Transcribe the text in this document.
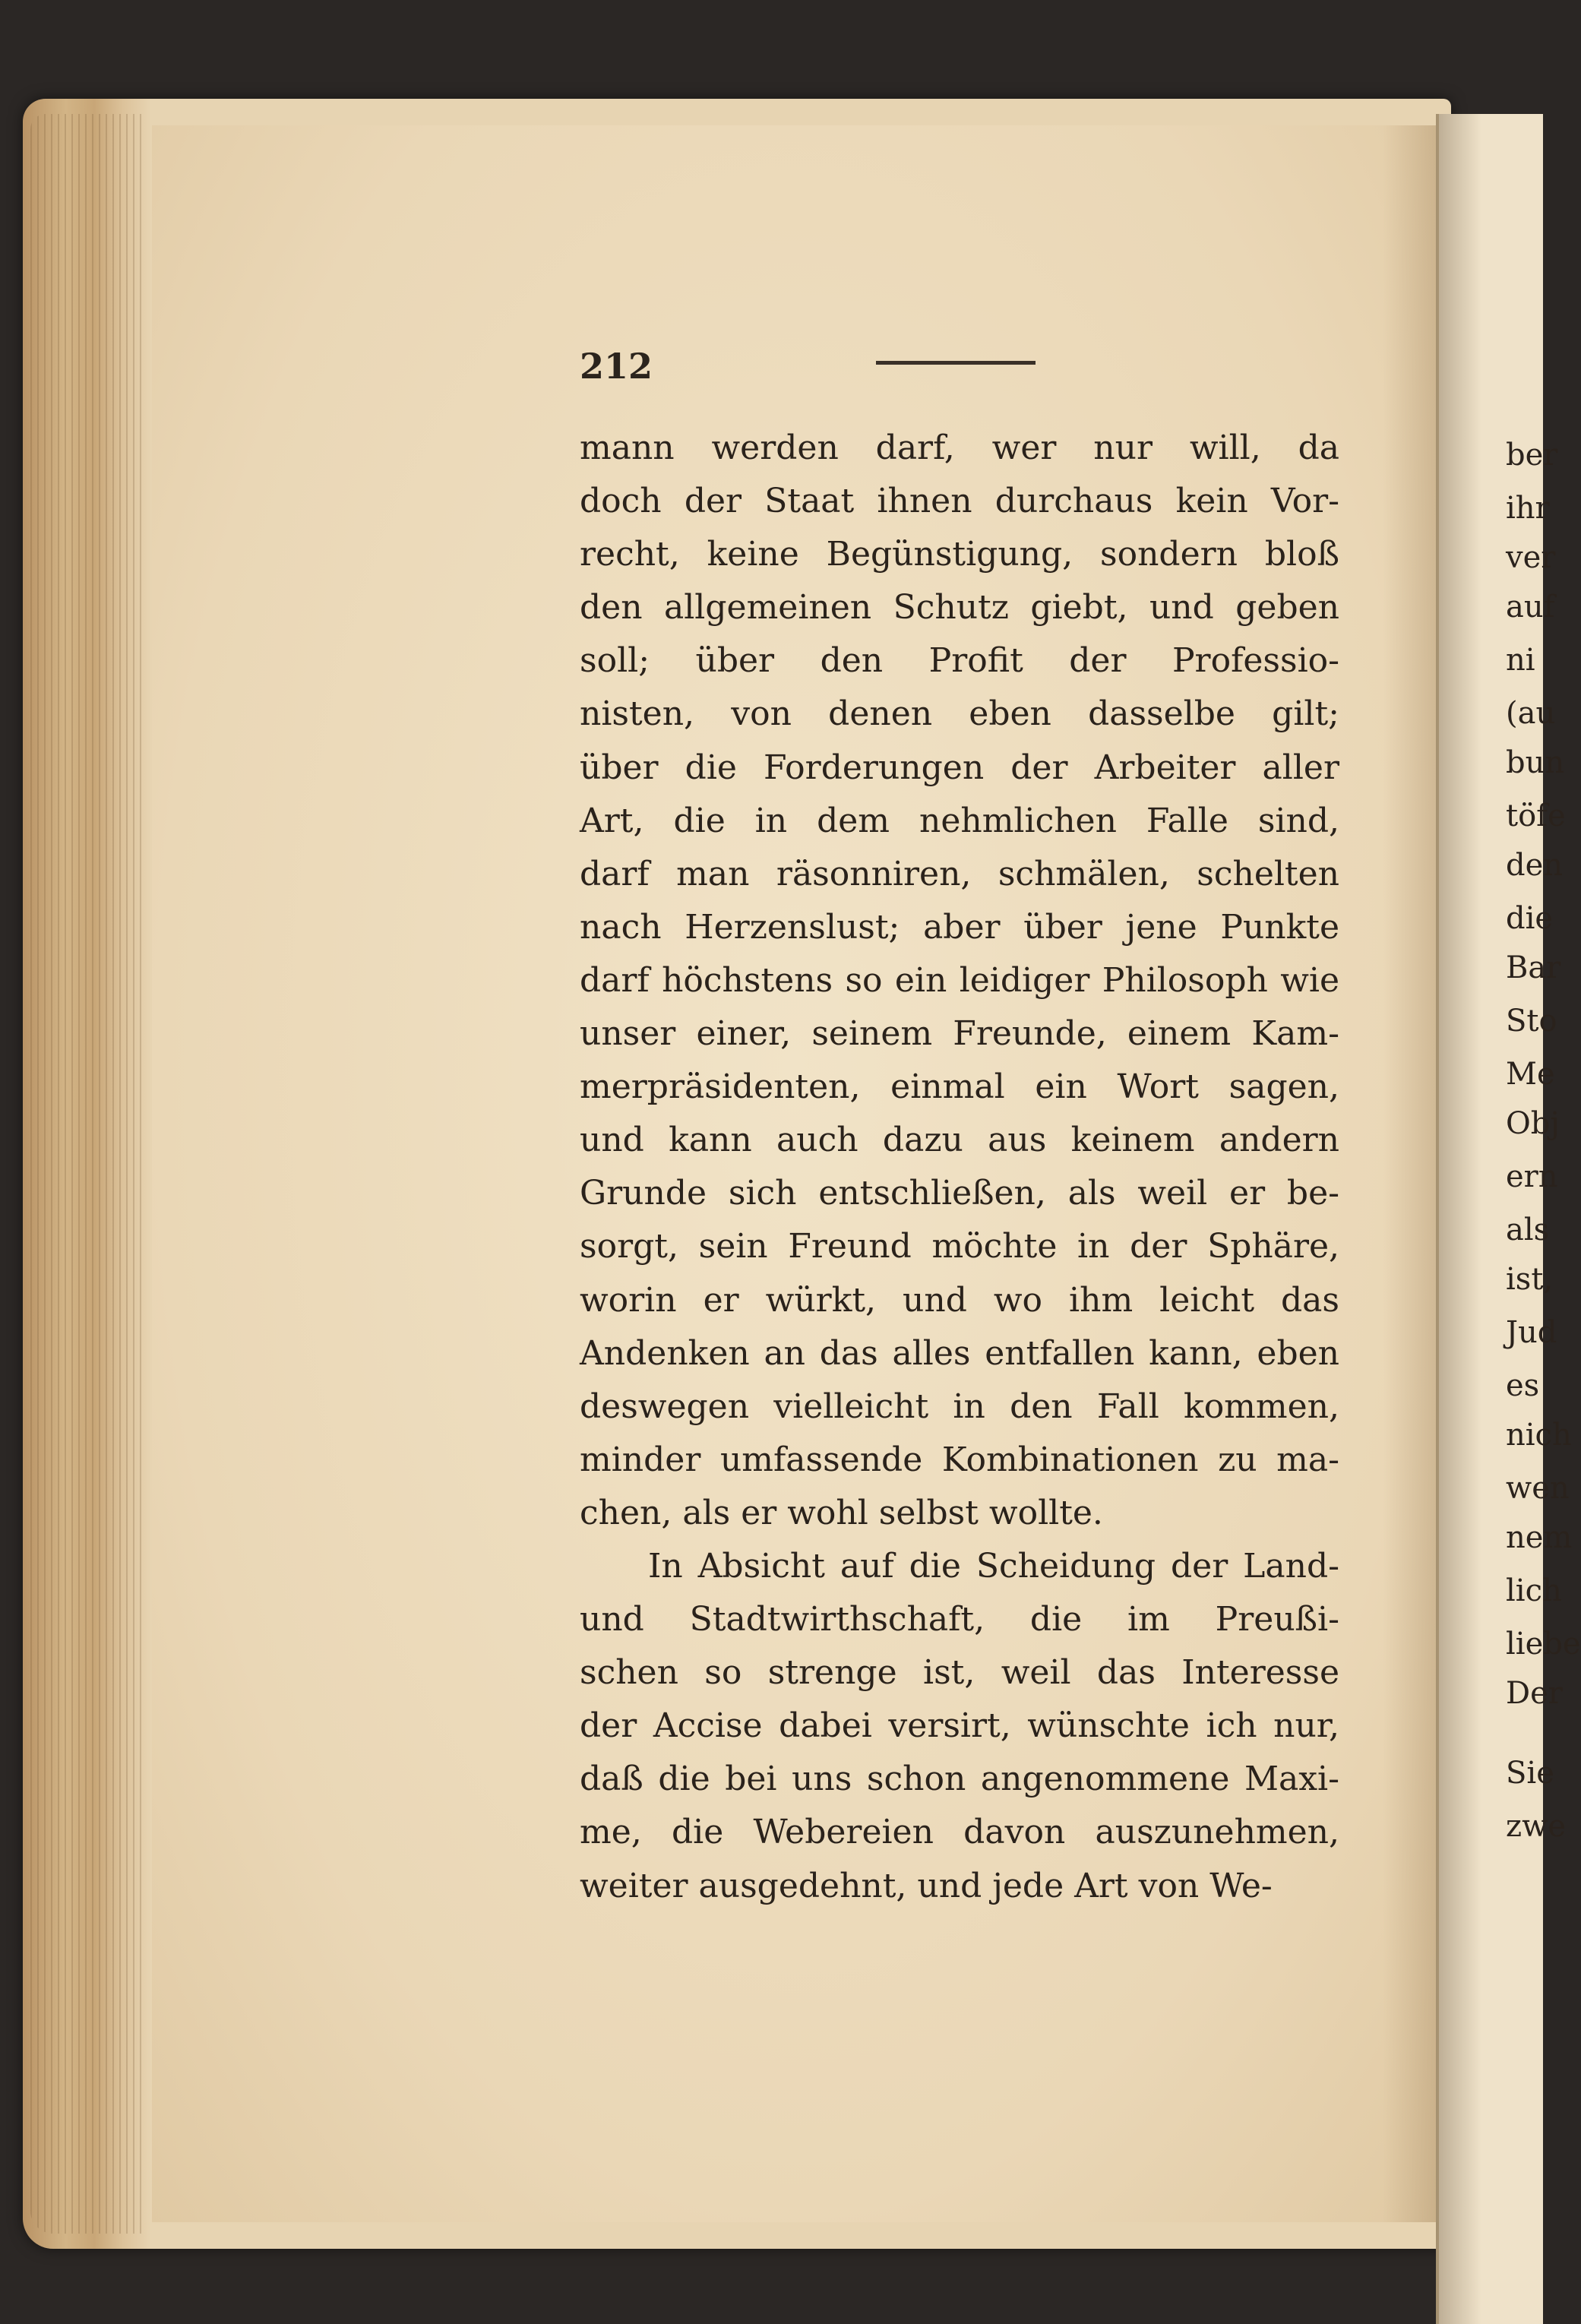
212
mann werden darf, wer nur will, da
doch der Staat ihnen durchaus kein Vor-
recht, keine Begünstigung, sondern bloß
den allgemeinen Schutz giebt, und geben
soll; über den Profit der Professio-
nisten, von denen eben dasselbe gilt;
über die Forderungen der Arbeiter aller
Art, die in dem nehmlichen Falle sind,
darf man räsonniren, schmälen, schelten
nach Herzenslust; aber über jene Punkte
darf höchstens so ein leidiger Philosoph wie
unser einer, seinem Freunde, einem Kam-
merpräsidenten, einmal ein Wort sagen,
und kann auch dazu aus keinem andern
Grunde sich entschließen, als weil er be-
sorgt, sein Freund möchte in der Sphäre,
worin er würkt, und wo ihm leicht das
Andenken an das alles entfallen kann, eben
deswegen vielleicht in den Fall kommen,
minder umfassende Kombinationen zu ma-
chen, als er wohl selbst wollte.
In Absicht auf die Scheidung der Land-
und Stadtwirthschaft, die im Preußi-
schen so strenge ist, weil das Interesse
der Accise dabei versirt, wünschte ich nur,
daß die bei uns schon angenommene Maxi-
me, die Webereien davon auszunehmen,
weiter ausgedehnt, und jede Art von We-
ber
ihr
ver
auf
ni
(au
bun
töfe
den
die
Bar
Sto
Me
Obj
ern
als
ist,
Jud
es
nich
wen
nem
lich
liebe
Der
Sie
zwe
